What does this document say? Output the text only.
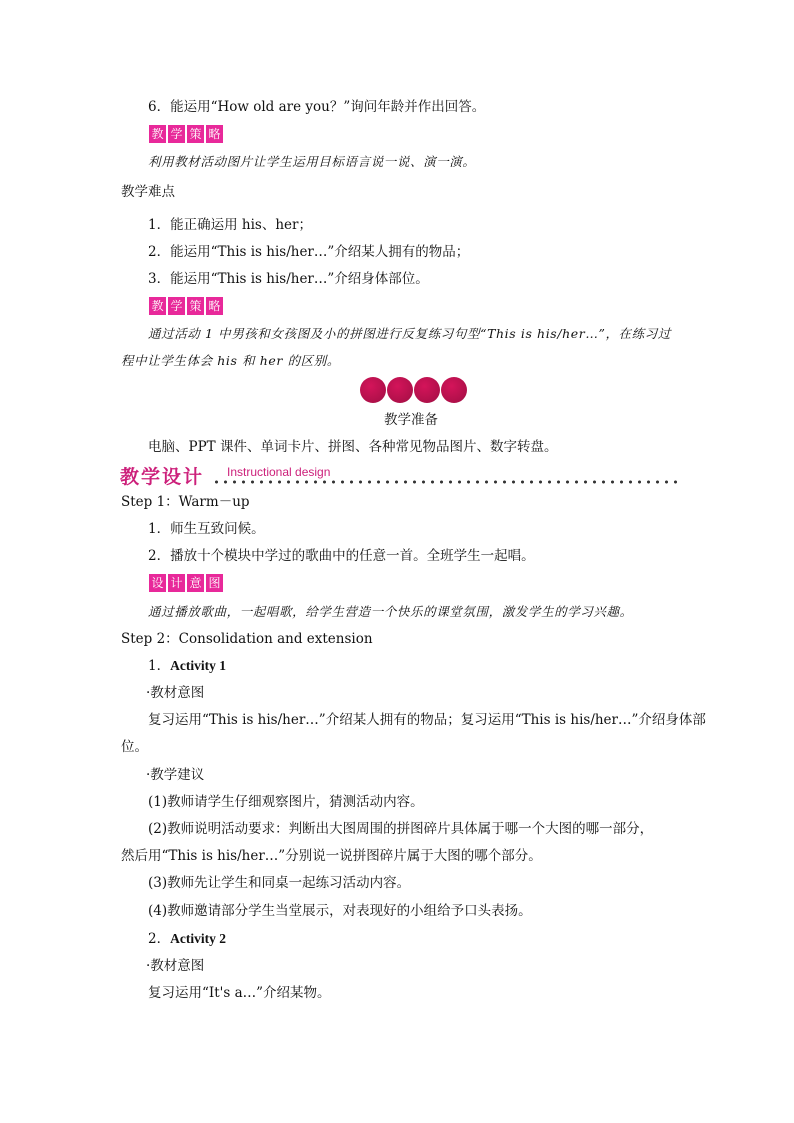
6．能运用“How old are you？”询问年龄并作出回答。
教 学 策 略
利用教材活动图片让学生运用目标语言说一说、演一演。
教学难点
1．能正确运用 his、her；
2．能运用“This is his/her…”介绍某人拥有的物品；
3．能运用“This is his/her…”介绍身体部位。
教 学 策 略
通过活动 1 中男孩和女孩图及小的拼图进行反复练习句型“This is his/her…”，在练习过
程中让学生体会 his 和 her 的区别。
教学准备
电脑、PPT 课件、单词卡片、拼图、各种常见物品图片、数字转盘。
教学设计 Instructional design
Step 1：Warm－up
1．师生互致问候。
2．播放十个模块中学过的歌曲中的任意一首。全班学生一起唱。
设 计 意 图
通过播放歌曲，一起唱歌，给学生营造一个快乐的课堂氛围，激发学生的学习兴趣。
Step 2：Consolidation and extension
1．Activity 1
·教材意图
复习运用“This is his/her…”介绍某人拥有的物品；复习运用“This is his/her…”介绍身体部
位。
·教学建议
(1)教师请学生仔细观察图片，猜测活动内容。
(2)教师说明活动要求：判断出大图周围的拼图碎片具体属于哪一个大图的哪一部分，
然后用“This is his/her…”分别说一说拼图碎片属于大图的哪个部分。
(3)教师先让学生和同桌一起练习活动内容。
(4)教师邀请部分学生当堂展示，对表现好的小组给予口头表扬。
2．Activity 2
·教材意图
复习运用“It's a…”介绍某物。
